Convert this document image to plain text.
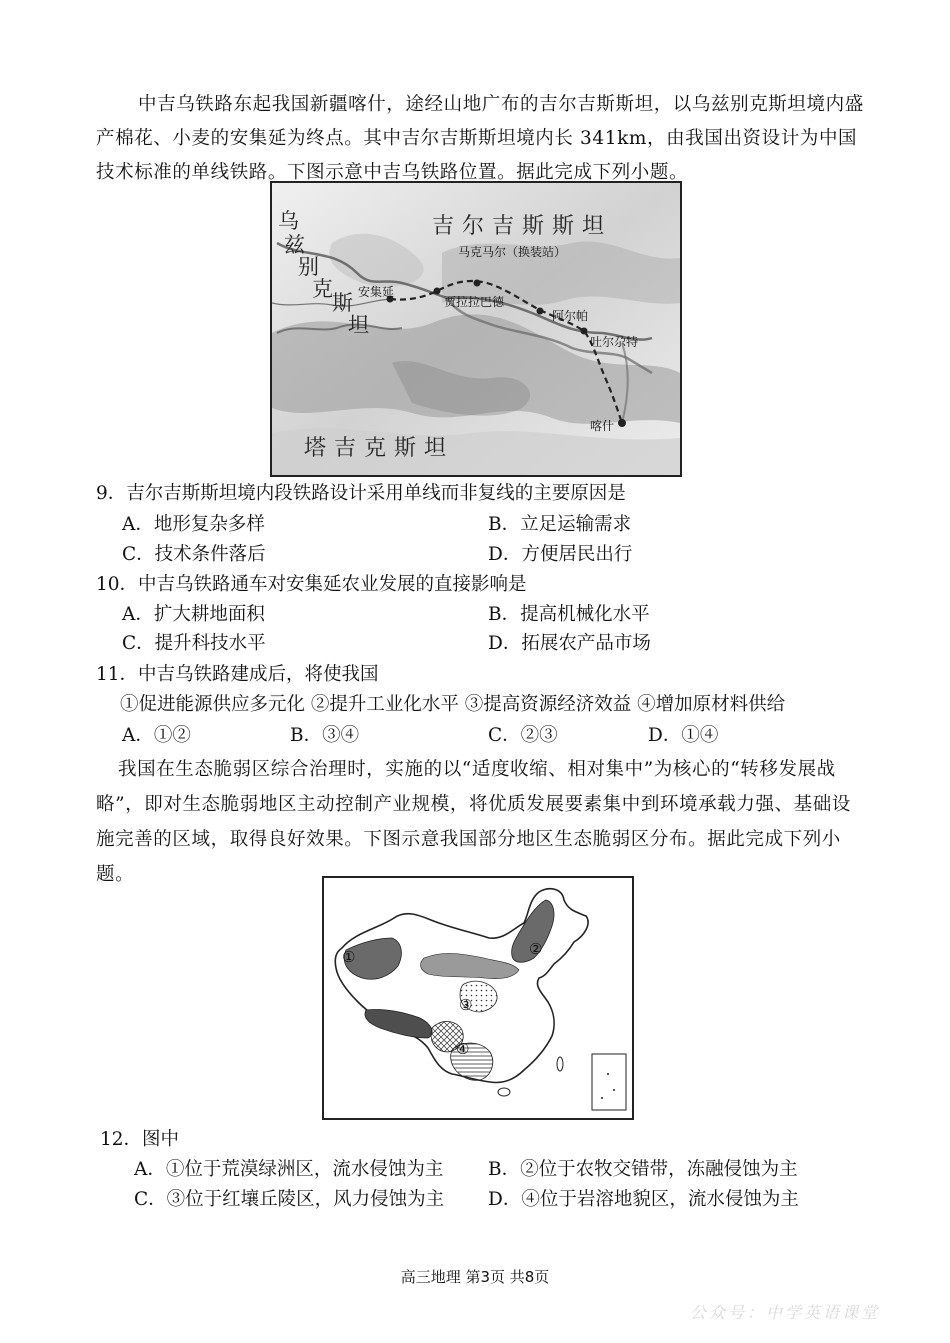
中吉乌铁路东起我国新疆喀什，途经山地广布的吉尔吉斯斯坦，以乌兹别克斯坦境内盛产棉花、小麦的安集延为终点。其中吉尔吉斯斯坦境内长 341km，由我国出资设计为中国技术标准的单线铁路。下图示意中吉乌铁路位置。据此完成下列小题。
吉尔吉斯斯坦
马克马尔（换装站）
乌
兹
别
克
斯
坦
安集延
贾拉拉巴德
阿尔帕
吐尔尕特
喀什
塔吉克斯坦
9．吉尔吉斯斯坦境内段铁路设计采用单线而非复线的主要原因是
A．地形复杂多样	B．立足运输需求
C．技术条件落后	D．方便居民出行
10．中吉乌铁路通车对安集延农业发展的直接影响是
A．扩大耕地面积	B．提高机械化水平
C．提升科技水平	D．拓展农产品市场
11．中吉乌铁路建成后，将使我国
①促进能源供应多元化 ②提升工业化水平 ③提高资源经济效益 ④增加原材料供给
A．①②	B．③④	C．②③	D．①④
我国在生态脆弱区综合治理时，实施的以“适度收缩、相对集中”为核心的“转移发展战略”，即对生态脆弱地区主动控制产业规模，将优质发展要素集中到环境承载力强、基础设施完善的区域，取得良好效果。下图示意我国部分地区生态脆弱区分布。据此完成下列小题。
①	②
③
④
12．图中
A．①位于荒漠绿洲区，流水侵蚀为主 B．②位于农牧交错带，冻融侵蚀为主
C．③位于红壤丘陵区，风力侵蚀为主 D．④位于岩溶地貌区，流水侵蚀为主
高三地理 第3页 共8页
公众号：中学英语课堂
